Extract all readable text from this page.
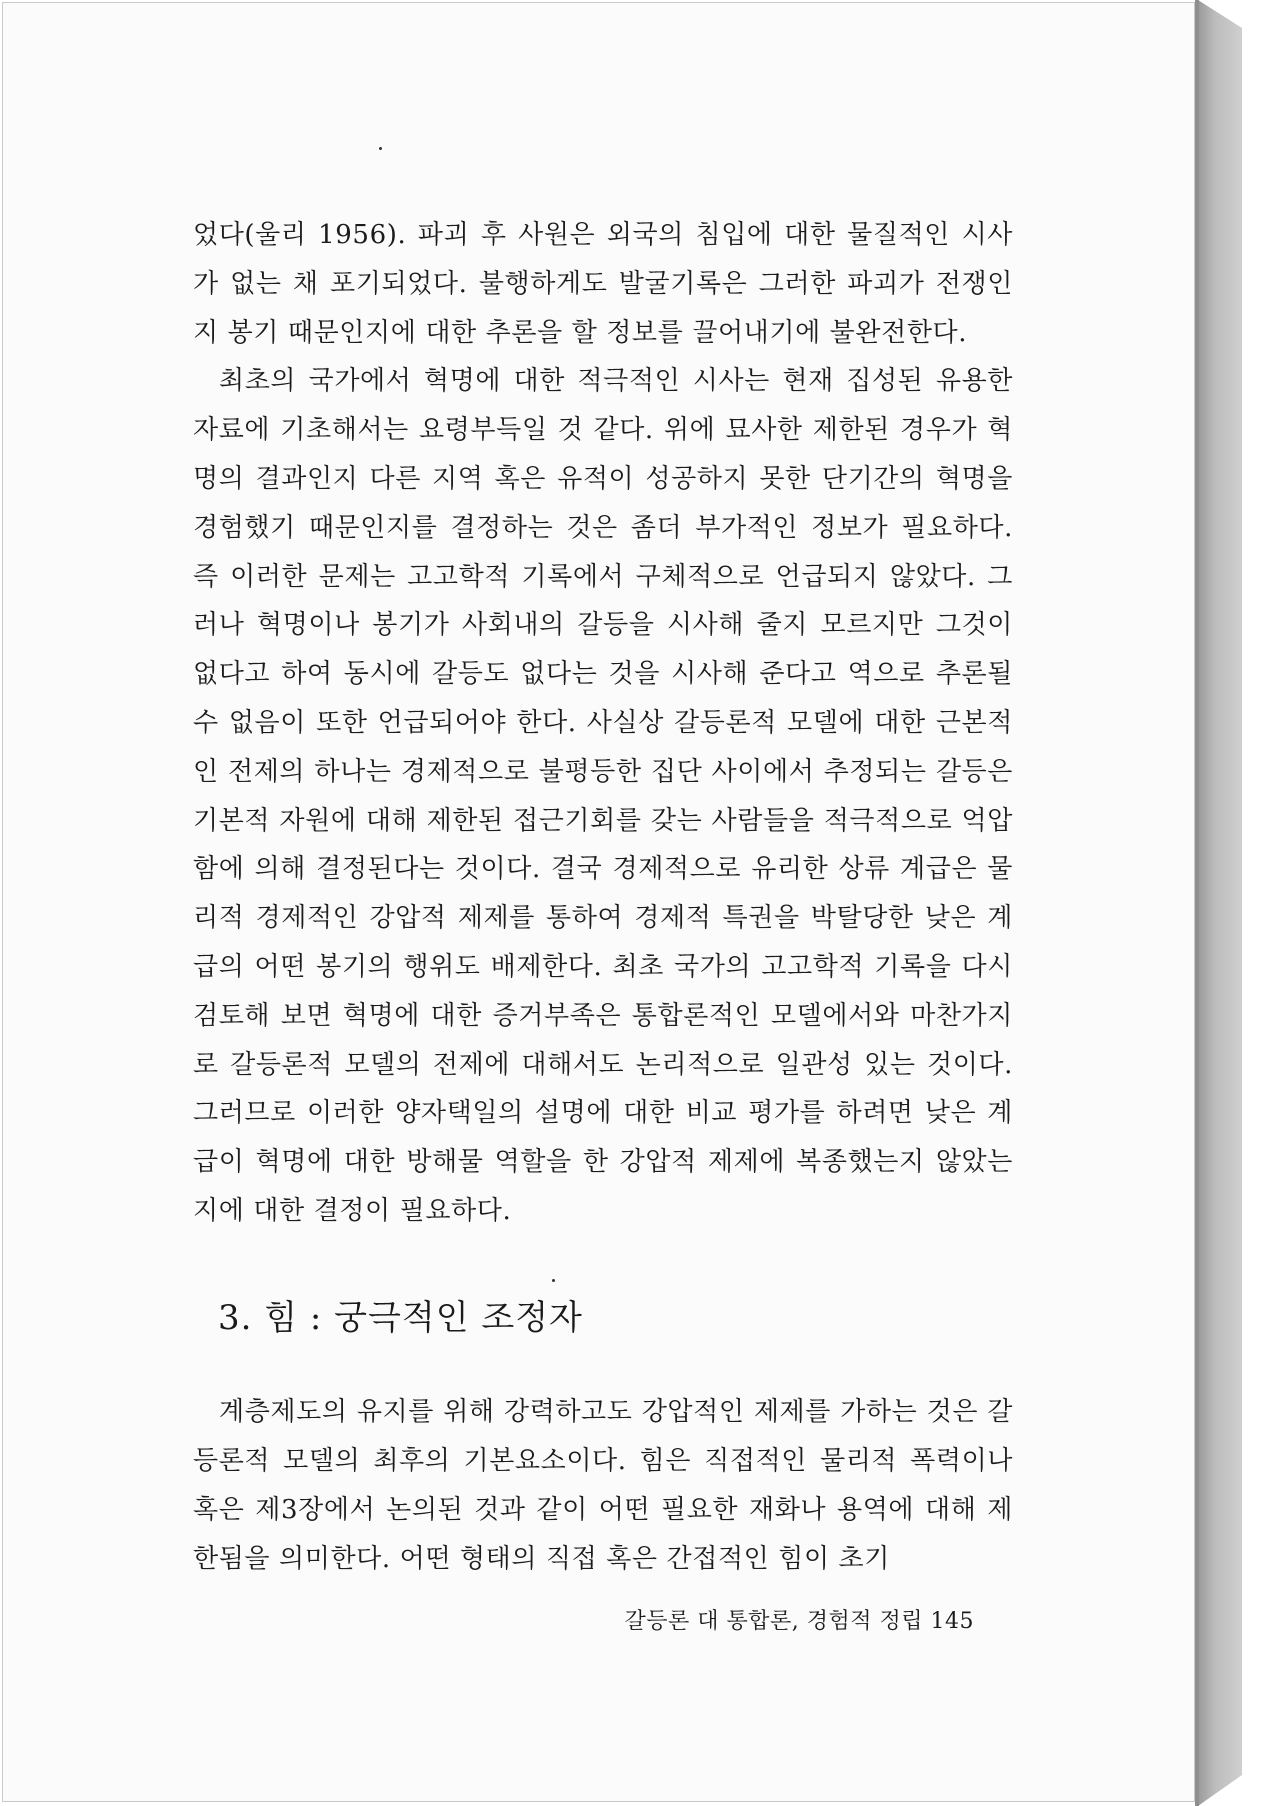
었다(울리 1956). 파괴 후 사원은 외국의 침입에 대한 물질적인 시사가 없는 채 포기되었다. 불행하게도 발굴기록은 그러한 파괴가 전쟁인지 봉기 때문인지에 대한 추론을 할 정보를 끌어내기에 불완전한다.

최초의 국가에서 혁명에 대한 적극적인 시사는 현재 집성된 유용한 자료에 기초해서는 요령부득일 것 같다. 위에 묘사한 제한된 경우가 혁명의 결과인지 다른 지역 혹은 유적이 성공하지 못한 단기간의 혁명을 경험했기 때문인지를 결정하는 것은 좀더 부가적인 정보가 필요하다. 즉 이러한 문제는 고고학적 기록에서 구체적으로 언급되지 않았다. 그러나 혁명이나 봉기가 사회내의 갈등을 시사해 줄지 모르지만 그것이 없다고 하여 동시에 갈등도 없다는 것을 시사해 준다고 역으로 추론될 수 없음이 또한 언급되어야 한다. 사실상 갈등론적 모델에 대한 근본적인 전제의 하나는 경제적으로 불평등한 집단 사이에서 추정되는 갈등은 기본적 자원에 대해 제한된 접근기회를 갖는 사람들을 적극적으로 억압함에 의해 결정된다는 것이다. 결국 경제적으로 유리한 상류 계급은 물리적 경제적인 강압적 제제를 통하여 경제적 특권을 박탈당한 낮은 계급의 어떤 봉기의 행위도 배제한다. 최초 국가의 고고학적 기록을 다시 검토해 보면 혁명에 대한 증거부족은 통합론적인 모델에서와 마찬가지로 갈등론적 모델의 전제에 대해서도 논리적으로 일관성 있는 것이다. 그러므로 이러한 양자택일의 설명에 대한 비교 평가를 하려면 낮은 계급이 혁명에 대한 방해물 역할을 한 강압적 제제에 복종했는지 않았는지에 대한 결정이 필요하다.

3. 힘 : 궁극적인 조정자

계층제도의 유지를 위해 강력하고도 강압적인 제제를 가하는 것은 갈등론적 모델의 최후의 기본요소이다. 힘은 직접적인 물리적 폭력이나 혹은 제3장에서 논의된 것과 같이 어떤 필요한 재화나 용역에 대해 제한됨을 의미한다. 어떤 형태의 직접 혹은 간접적인 힘이 초기

갈등론 대 통합론, 경험적 정립 145
